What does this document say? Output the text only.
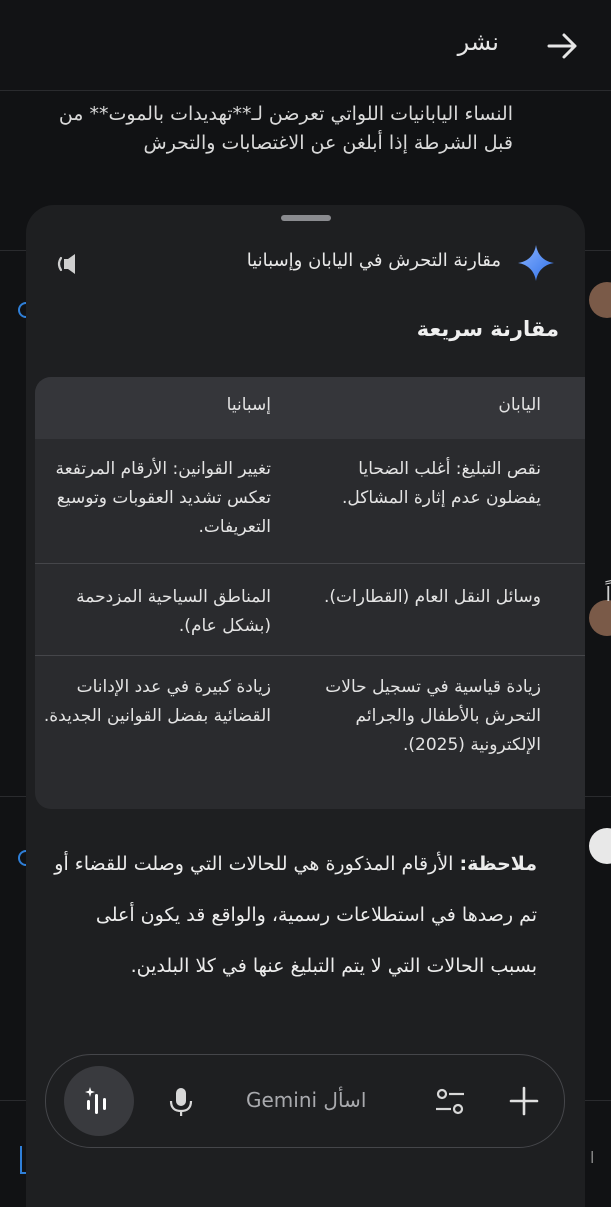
نشر
النساء اليابانيات اللواتي تعرضن لـ**تهديدات بالموت** من
قبل الشرطة إذا أبلغن عن الاغتصابات والتحرش
ا
اً
مقارنة التحرش في اليابان وإسبانيا
مقارنة سريعة
اليابان
إسبانيا
نقص التبليغ: أغلب الضحايا يفضلون عدم إثارة المشاكل.
تغيير القوانين: الأرقام المرتفعة تعكس تشديد العقوبات وتوسيع التعريفات.
وسائل النقل العام (القطارات).
المناطق السياحية المزدحمة (بشكل عام).
زيادة قياسية في تسجيل حالات التحرش بالأطفال والجرائم الإلكترونية (2025).
زيادة كبيرة في عدد الإدانات القضائية بفضل القوانين الجديدة.
ملاحظة: الأرقام المذكورة هي للحالات التي وصلت للقضاء أو تم رصدها في استطلاعات رسمية، والواقع قد يكون أعلى بسبب الحالات التي لا يتم التبليغ عنها في كلا البلدين.
اسأل Gemini
